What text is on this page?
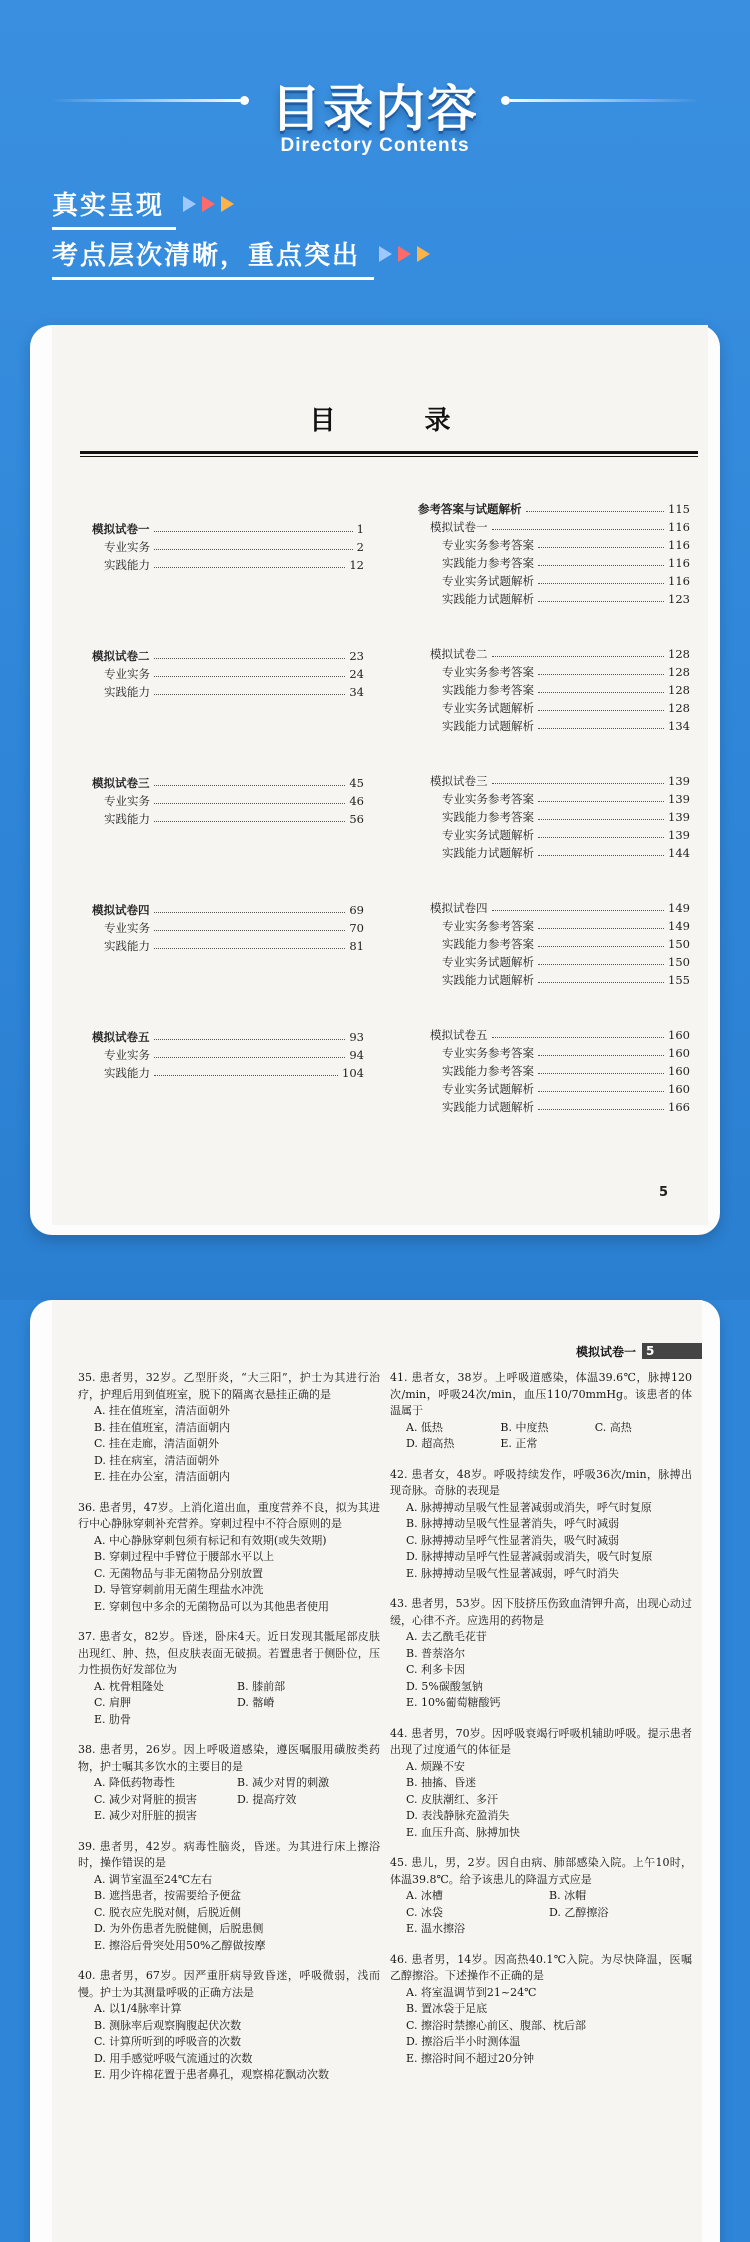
目录内容
Directory Contents
真实呈现
考点层次清晰，重点突出
目 录
模拟试卷一	1
专业实务	2
实践能力	12
模拟试卷二	23
专业实务	24
实践能力	34
模拟试卷三	45
专业实务	46
实践能力	56
模拟试卷四	69
专业实务	70
实践能力	81
模拟试卷五	93
专业实务	94
实践能力	104
参考答案与试题解析	115
模拟试卷一	116
专业实务参考答案	116
实践能力参考答案	116
专业实务试题解析	116
实践能力试题解析	123
模拟试卷二	128
专业实务参考答案	128
实践能力参考答案	128
专业实务试题解析	128
实践能力试题解析	134
模拟试卷三	139
专业实务参考答案	139
实践能力参考答案	139
专业实务试题解析	139
实践能力试题解析	144
模拟试卷四	149
专业实务参考答案	149
实践能力参考答案	150
专业实务试题解析	150
实践能力试题解析	155
模拟试卷五	160
专业实务参考答案	160
实践能力参考答案	160
专业实务试题解析	160
实践能力试题解析	166
5
模拟试卷一 5
35. 患者男，32岁。乙型肝炎，“大三阳”，护士为其进行治疗，护理后用到值班室，脱下的隔离衣悬挂正确的是
A. 挂在值班室，清洁面朝外
B. 挂在值班室，清洁面朝内
C. 挂在走廊，清洁面朝外
D. 挂在病室，清洁面朝外
E. 挂在办公室，清洁面朝内
36. 患者男，47岁。上消化道出血，重度营养不良，拟为其进行中心静脉穿刺补充营养。穿刺过程中不符合原则的是
A. 中心静脉穿刺包须有标记和有效期(或失效期)
B. 穿刺过程中手臂位于腰部水平以上
C. 无菌物品与非无菌物品分别放置
D. 导管穿刺前用无菌生理盐水冲洗
E. 穿刺包中多余的无菌物品可以为其他患者使用
37. 患者女，82岁。昏迷，卧床4天。近日发现其骶尾部皮肤出现红、肿、热，但皮肤表面无破损。若置患者于侧卧位，压力性损伤好发部位为
A. 枕骨粗隆处	B. 膝前部
C. 肩胛	D. 髂嵴
E. 肋骨
38. 患者男，26岁。因上呼吸道感染，遵医嘱服用磺胺类药物，护士嘱其多饮水的主要目的是
A. 降低药物毒性	B. 减少对胃的刺激
C. 减少对肾脏的损害	D. 提高疗效
E. 减少对肝脏的损害
39. 患者男，42岁。病毒性脑炎，昏迷。为其进行床上擦浴时，操作错误的是
A. 调节室温至24℃左右
B. 遮挡患者，按需要给予便盆
C. 脱衣应先脱对侧，后脱近侧
D. 为外伤患者先脱健侧，后脱患侧
E. 擦浴后骨突处用50%乙醇做按摩
40. 患者男，67岁。因严重肝病导致昏迷，呼吸微弱，浅而慢。护士为其测量呼吸的正确方法是
A. 以1/4脉率计算
B. 测脉率后观察胸腹起伏次数
C. 计算所听到的呼吸音的次数
D. 用手感觉呼吸气流通过的次数
E. 用少许棉花置于患者鼻孔，观察棉花飘动次数
41. 患者女，38岁。上呼吸道感染，体温39.6℃，脉搏120次/min，呼吸24次/min，血压110/70mmHg。该患者的体温属于
A. 低热	B. 中度热	C. 高热
D. 超高热	E. 正常
42. 患者女，48岁。呼吸持续发作，呼吸36次/min，脉搏出现奇脉。奇脉的表现是
A. 脉搏搏动呈吸气性显著减弱或消失，呼气时复原
B. 脉搏搏动呈吸气性显著消失，呼气时减弱
C. 脉搏搏动呈呼气性显著消失，吸气时减弱
D. 脉搏搏动呈呼气性显著减弱或消失，吸气时复原
E. 脉搏搏动呈吸气性显著减弱，呼气时消失
43. 患者男，53岁。因下肢挤压伤致血清钾升高，出现心动过缓，心律不齐。应选用的药物是
A. 去乙酰毛花苷
B. 普萘洛尔
C. 利多卡因
D. 5%碳酸氢钠
E. 10%葡萄糖酸钙
44. 患者男，70岁。因呼吸衰竭行呼吸机辅助呼吸。提示患者出现了过度通气的体征是
A. 烦躁不安
B. 抽搐、昏迷
C. 皮肤潮红、多汗
D. 表浅静脉充盈消失
E. 血压升高、脉搏加快
45. 患儿，男，2岁。因自由病、肺部感染入院。上午10时，体温39.8℃。给予该患儿的降温方式应是
A. 冰槽	B. 冰帽
C. 冰袋	D. 乙醇擦浴
E. 温水擦浴
46. 患者男，14岁。因高热40.1℃入院。为尽快降温，医嘱乙醇擦浴。下述操作不正确的是
A. 将室温调节到21~24℃
B. 置冰袋于足底
C. 擦浴时禁擦心前区、腹部、枕后部
D. 擦浴后半小时测体温
E. 擦浴时间不超过20分钟
